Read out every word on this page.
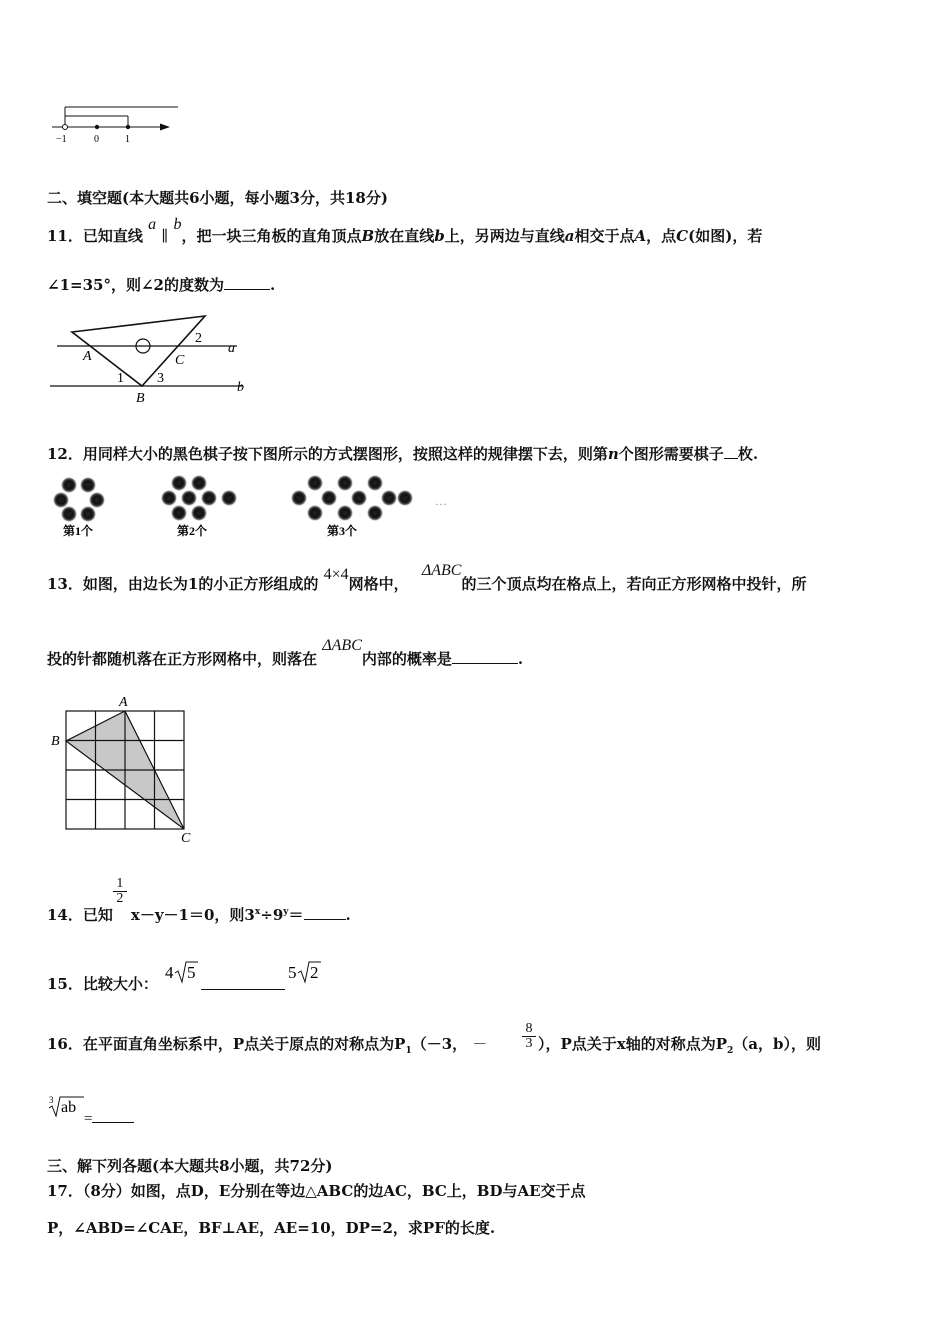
−1	0	1
二、填空题(本大题共6小题，每小题3分，共18分)
11．已知直线 a ∥ b，把一块三角板的直角顶点B放在直线b上，另两边与直线a相交于点A，点C(如图)，若
∠1=35°，则∠2的度数为	.
A	C
2
a
1 3
b
B
12．用同样大小的黑色棋子按下图所示的方式摆图形，按照这样的规律摆下去，则第n个图形需要棋子 枚.
…
第1个	第2个	第3个
13．如图，由边长为1的小正方形组成的 4×4网格中， ΔABC的三个顶点均在格点上，若向正方形网格中投针，所
投的针都随机落在正方形网格中，则落在 ΔABC内部的概率是	.
A
B
C
14．已知
$\frac{1}{2}$
x－y－1＝0，则$3^x\div 9^y=$	.
15．比较大小：
4 5	5 2
16．在平面直角坐标系中，P点关于原点的对称点为$P_1(-3$， － $\frac{8}{3}$ ），P点关于x轴的对称点为$P_2(a$，b），则
3 ab
=
三、解下列各题(本大题共8小题，共72分)
17．（8分）如图，点D，E分别在等边△ABC的边AC，BC上，BD与AE交于点
P，∠ABD=∠CAE，BF⊥AE，AE=10，DP=2，求PF的长度.
